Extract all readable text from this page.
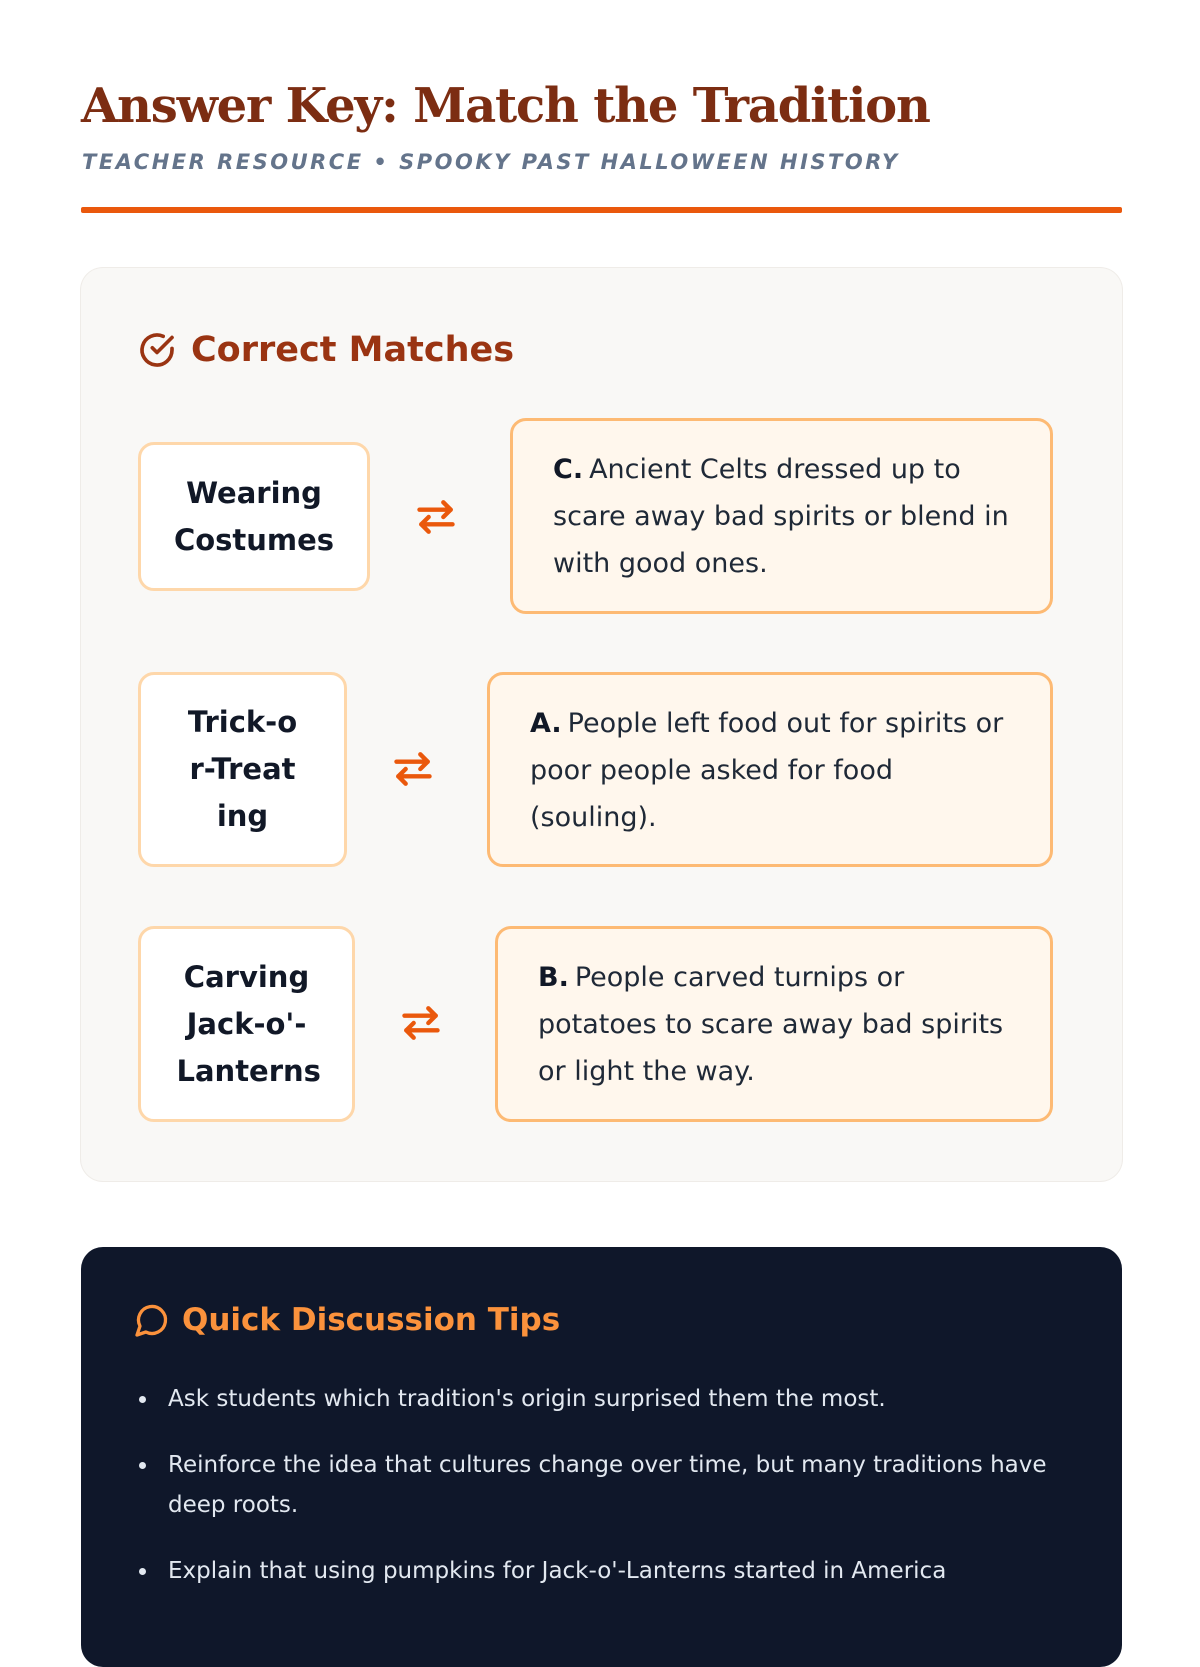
Answer Key: Match the Tradition
TEACHER RESOURCE • SPOOKY PAST HALLOWEEN HISTORY
Correct Matches
Wearing Costumes
C. Ancient Celts dressed up to scare away bad spirits or blend in with good ones.
Trick-or-Treating
A. People left food out for spirits or poor people asked for food (souling).
Carving Jack-o'-Lanterns
B. People carved turnips or potatoes to scare away bad spirits or light the way.
Quick Discussion Tips
Ask students which tradition's origin surprised them the most.
Reinforce the idea that cultures change over time, but many traditions have deep roots.
Explain that using pumpkins for Jack-o'-Lanterns started in America
